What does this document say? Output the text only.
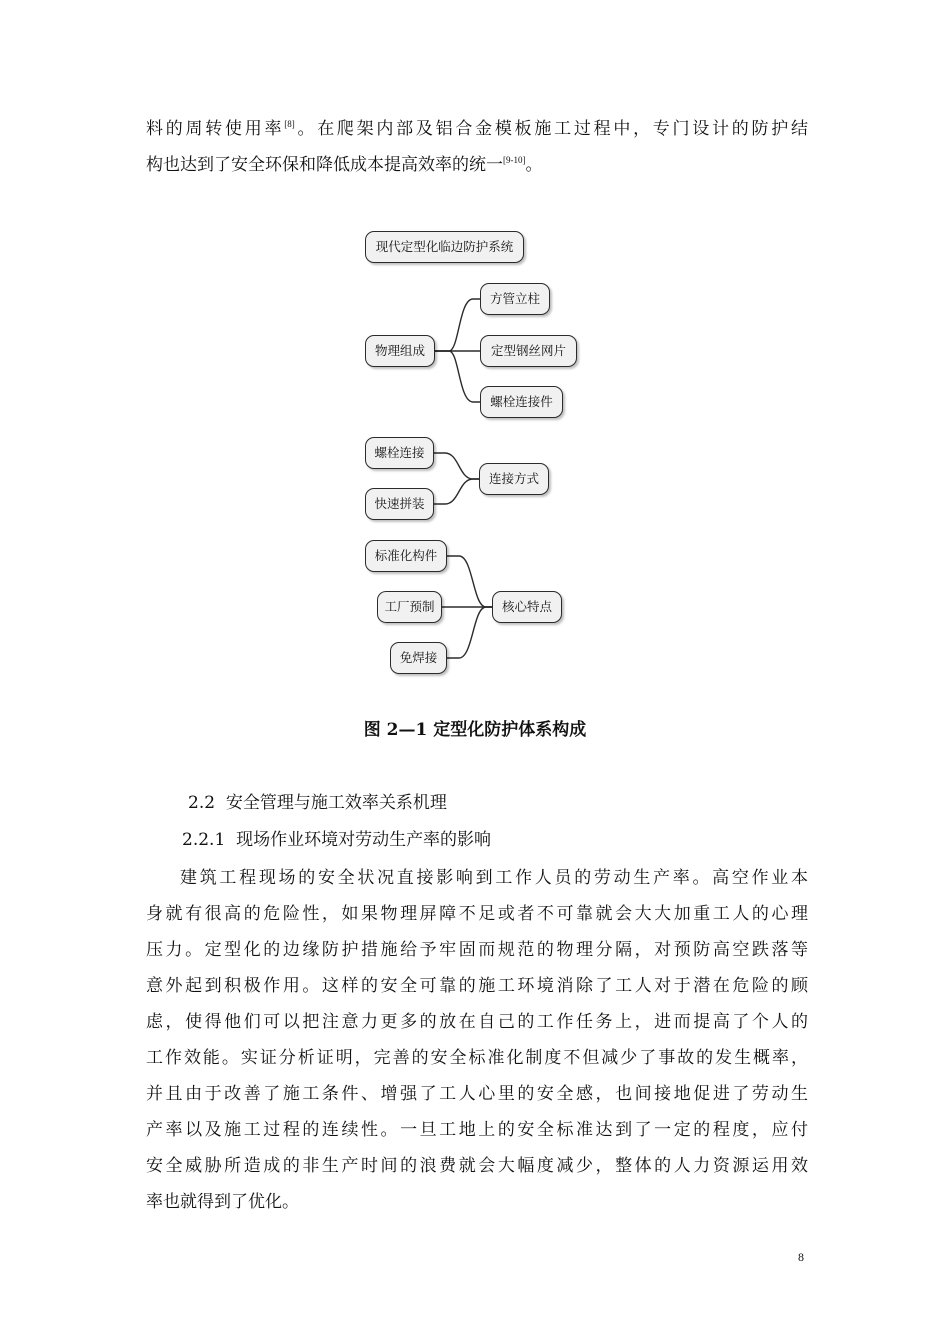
料的周转使用率[8]。在爬架内部及铝合金模板施工过程中，专门设计的防护结
构也达到了安全环保和降低成本提高效率的统一[9-10]。
现代定型化临边防护系统
物理组成
方管立柱
定型钢丝网片
螺栓连接件
螺栓连接
快速拼装
连接方式
标准化构件
工厂预制
免焊接
核心特点
图 2—1 定型化防护体系构成
2.2  安全管理与施工效率关系机理
2.2.1  现场作业环境对劳动生产率的影响
建筑工程现场的安全状况直接影响到工作人员的劳动生产率。高空作业本
身就有很高的危险性，如果物理屏障不足或者不可靠就会大大加重工人的心理
压力。定型化的边缘防护措施给予牢固而规范的物理分隔，对预防高空跌落等
意外起到积极作用。这样的安全可靠的施工环境消除了工人对于潜在危险的顾
虑，使得他们可以把注意力更多的放在自己的工作任务上，进而提高了个人的
工作效能。实证分析证明，完善的安全标准化制度不但减少了事故的发生概率，
并且由于改善了施工条件、增强了工人心里的安全感，也间接地促进了劳动生
产率以及施工过程的连续性。一旦工地上的安全标准达到了一定的程度，应付
安全威胁所造成的非生产时间的浪费就会大幅度减少，整体的人力资源运用效
率也就得到了优化。
8
